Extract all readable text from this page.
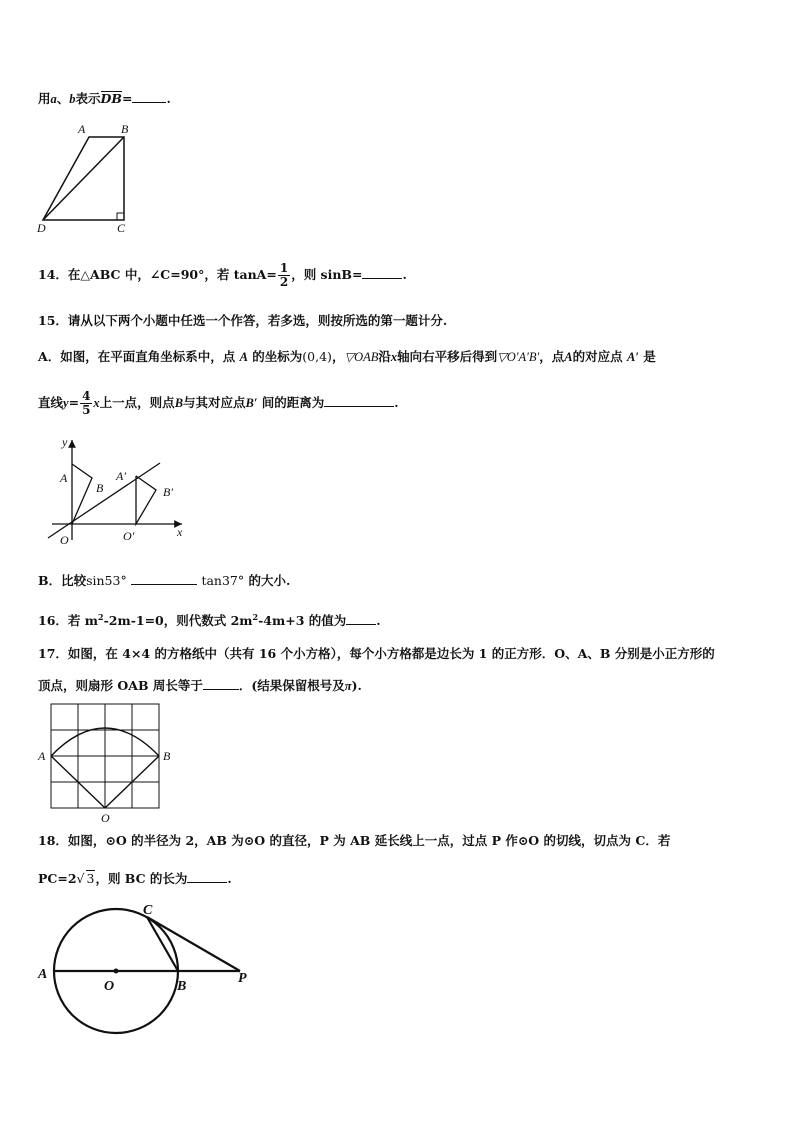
用a、b表示DB=	.
A	B
D	C
14．在△ABC 中，∠C=90°，若 $\tan A= \frac{1}{2}$ ，则 sinB=	.
15．请从以下两个小题中任选一个作答，若多选，则按所选的第一题计分.
A．如图，在平面直角坐标系中，点 A 的坐标为(0,4)，▽OAB沿x轴向右平移后得到▽O′A′B′，点A的对应点 A′ 是
直线$y= \frac{4}{5}$ x上一点，则点B与其对应点B′ 间的距离为	.
y
x
A
B
A′
B′
O	O′
B．比较sin53°	tan37° 的大小.
16．若 $m^2-2m-1=0$，则代数式 $2m^2-4m+3$ 的值为 .
17．如图，在 4×4 的方格纸中（共有 16 个小方格），每个小方格都是边长为 1 的正方形．O、A、B 分别是小正方形的
顶点，则扇形 OAB 周长等于	．(结果保留根号及π).
A	B
O
18．如图，⊙O 的半径为 2，AB 为⊙O 的直径，P 为 AB 延长线上一点，过点 P 作⊙O 的切线，切点为 C．若
PC=2√ 3，则 BC 的长为	.
A
O	B
C
P
